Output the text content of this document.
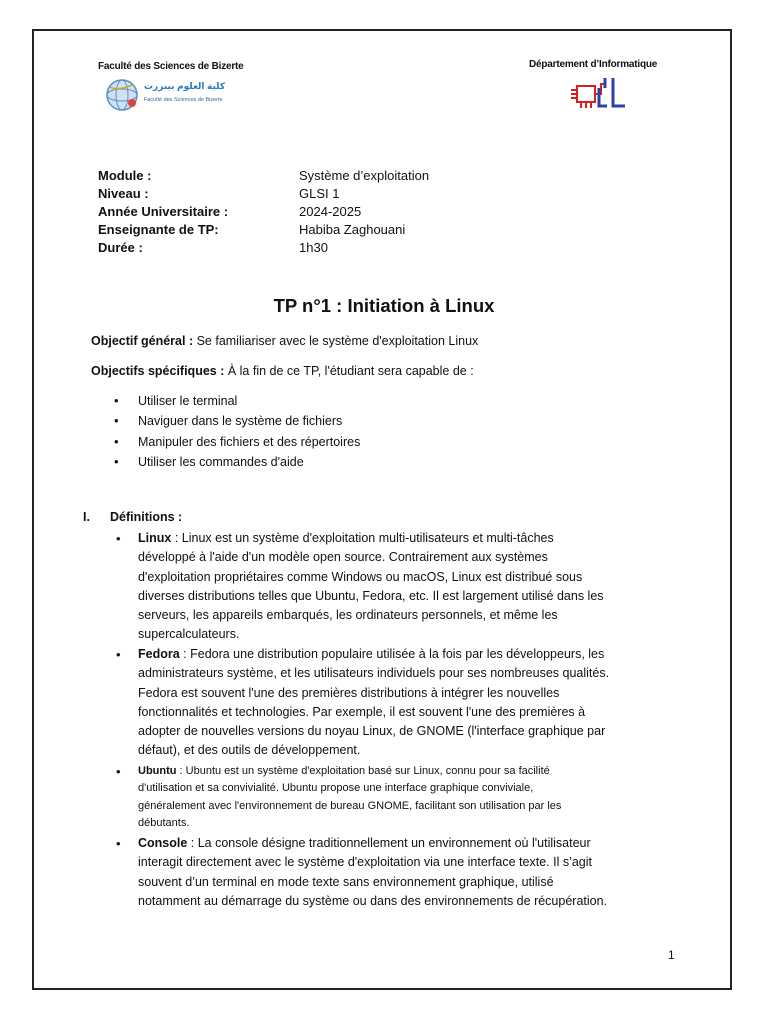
Faculté des Sciences de Bizerte
كلية العلوم ببنزرت
Faculté des Sciences de Bizerte
Département d’Informatique
Module :	Système d’exploitation
Niveau :	GLSI 1
Année Universitaire :	2024-2025
Enseignante de TP:	Habiba Zaghouani
Durée :	1h30
TP n°1 : Initiation à Linux
Objectif général : Se familiariser avec le système d'exploitation Linux
Objectifs spécifiques : À la fin de ce TP, l'étudiant sera capable de :
• Utiliser le terminal
• Naviguer dans le système de fichiers
• Manipuler des fichiers et des répertoires
• Utiliser les commandes d'aide
I. Définitions :
• Linux : Linux est un système d'exploitation multi-utilisateurs et multi-tâches
développé à l'aide d'un modèle open source. Contrairement aux systèmes
d'exploitation propriétaires comme Windows ou macOS, Linux est distribué sous
diverses distributions telles que Ubuntu, Fedora, etc. Il est largement utilisé dans les
serveurs, les appareils embarqués, les ordinateurs personnels, et même les
supercalculateurs.
• Fedora : Fedora une distribution populaire utilisée à la fois par les développeurs, les
administrateurs système, et les utilisateurs individuels pour ses nombreuses qualités.
Fedora est souvent l'une des premières distributions à intégrer les nouvelles
fonctionnalités et technologies. Par exemple, il est souvent l'une des premières à
adopter de nouvelles versions du noyau Linux, de GNOME (l'interface graphique par
défaut), et des outils de développement.
• Ubuntu : Ubuntu est un système d'exploitation basé sur Linux, connu pour sa facilité
d'utilisation et sa convivialité. Ubuntu propose une interface graphique conviviale,
généralement avec l'environnement de bureau GNOME, facilitant son utilisation par les
débutants.
• Console : La console désigne traditionnellement un environnement où l'utilisateur
interagit directement avec le système d'exploitation via une interface texte. Il s’agit
souvent d’un terminal en mode texte sans environnement graphique, utilisé
notamment au démarrage du système ou dans des environnements de récupération.
1
